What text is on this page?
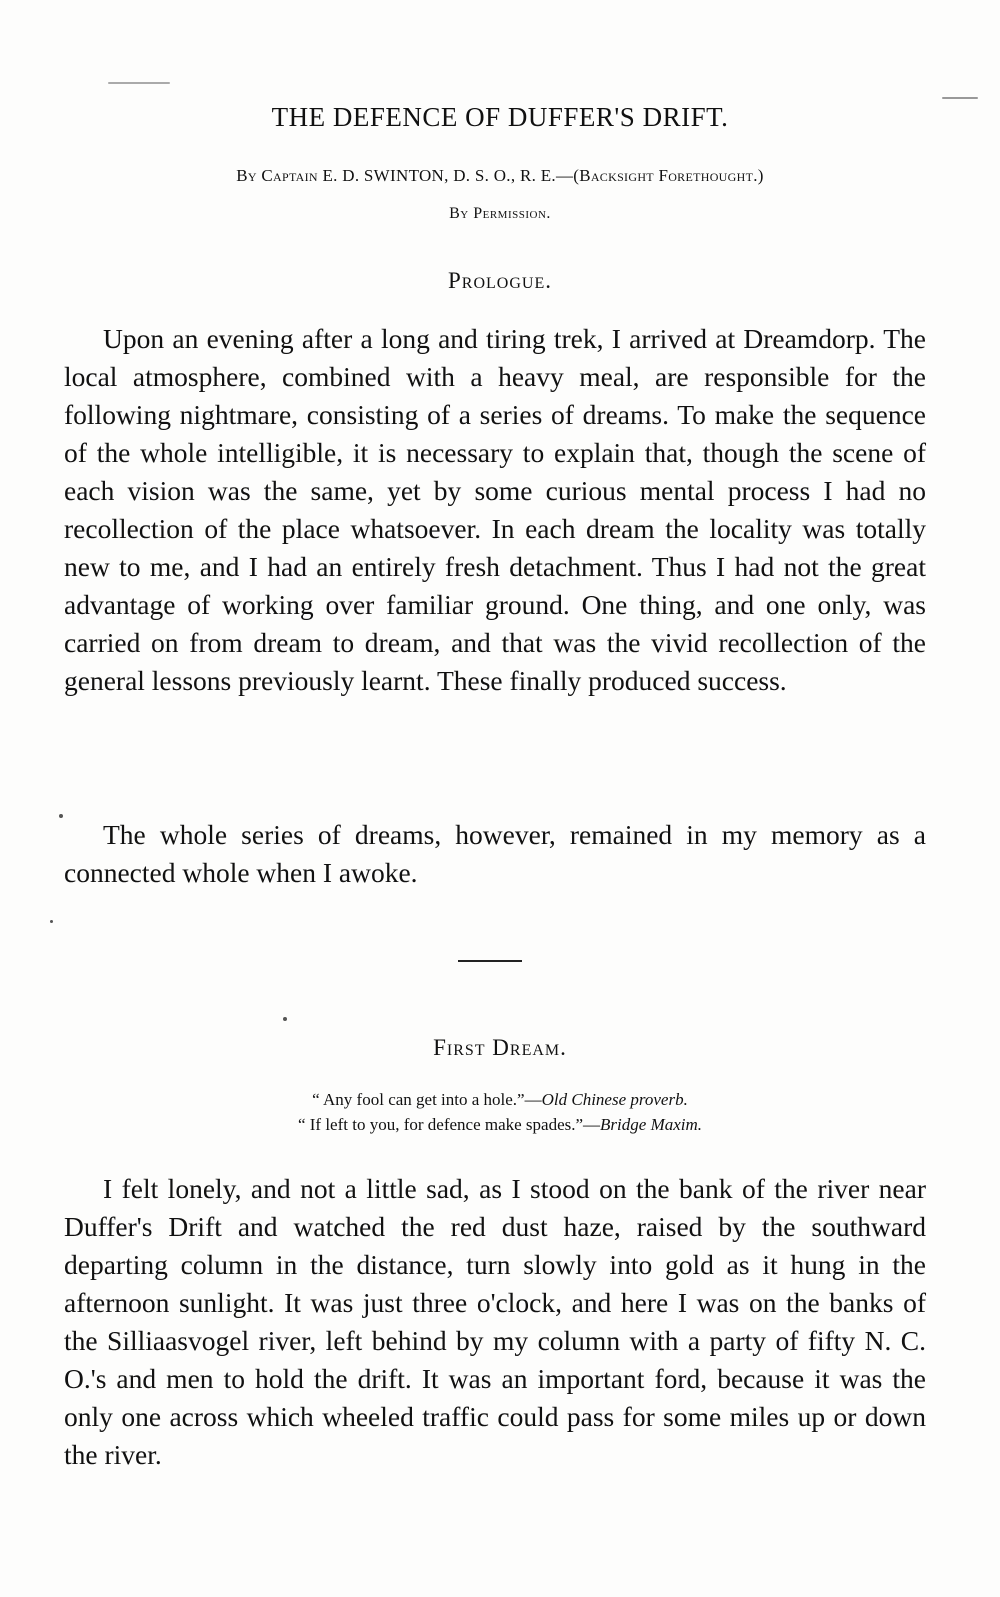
THE DEFENCE OF DUFFER'S DRIFT.
By Captain E. D. SWINTON, D. S. O., R. E.—(Backsight Forethought.)
By Permission.
Prologue.

Upon an evening after a long and tiring trek, I arrived at Dreamdorp. The local atmosphere, combined with a heavy meal, are responsible for the following nightmare, consisting of a series of dreams. To make the sequence of the whole intelligible, it is necessary to explain that, though the scene of each vision was the same, yet by some curious mental process I had no recollection of the place whatsoever. In each dream the locality was totally new to me, and I had an entirely fresh detachment. Thus I had not the great advantage of working over familiar ground. One thing, and one only, was carried on from dream to dream, and that was the vivid recollection of the general lessons previously learnt. These finally produced success.

The whole series of dreams, however, remained in my memory as a connected whole when I awoke.

First Dream.
“ Any fool can get into a hole.”—Old Chinese proverb.
“ If left to you, for defence make spades.”—Bridge Maxim.

I felt lonely, and not a little sad, as I stood on the bank of the river near Duffer's Drift and watched the red dust haze, raised by the southward departing column in the distance, turn slowly into gold as it hung in the afternoon sunlight. It was just three o'clock, and here I was on the banks of the Silliaasvogel river, left behind by my column with a party of fifty N. C. O.'s and men to hold the drift. It was an important ford, because it was the only one across which wheeled traffic could pass for some miles up or down the river.
